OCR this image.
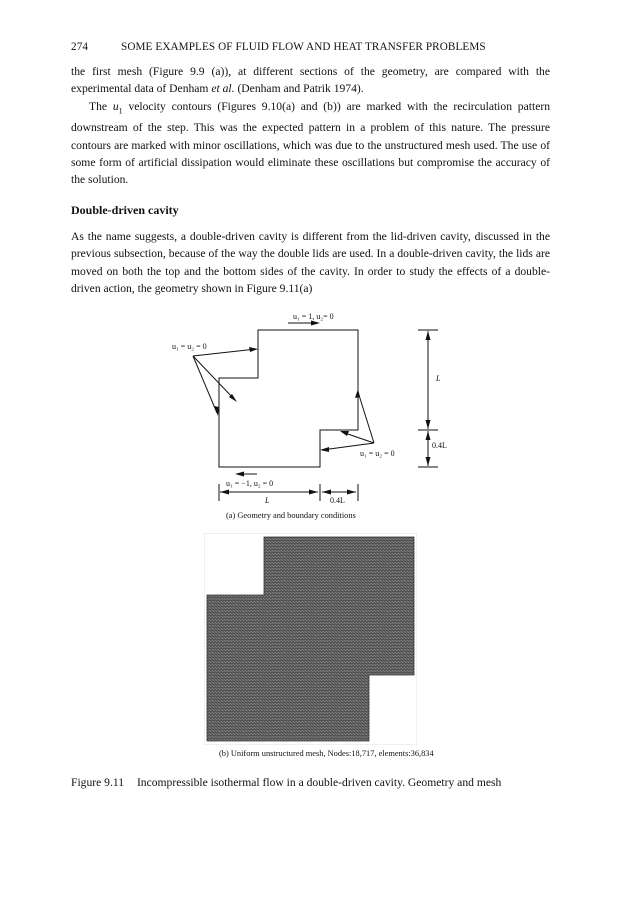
274	SOME EXAMPLES OF FLUID FLOW AND HEAT TRANSFER PROBLEMS

the first mesh (Figure 9.9 (a)), at different sections of the geometry, are compared with the experimental data of Denham et al. (Denham and Patrik 1974).

The $u_1$ velocity contours (Figures 9.10(a) and (b)) are marked with the recirculation pattern downstream of the step. This was the expected pattern in a problem of this nature. The pressure contours are marked with minor oscillations, which was due to the unstructured mesh used. The use of some form of artificial dissipation would eliminate these oscillations but compromise the accuracy of the solution.

Double-driven cavity

As the name suggests, a double-driven cavity is different from the lid-driven cavity, discussed in the previous subsection, because of the way the double lids are used. In a double-driven cavity, the lids are moved on both the top and the bottom sides of the cavity. In order to study the effects of a double-driven action, the geometry shown in Figure 9.11(a)

u₁ = 1, u₂= 0
u₁ = u₂ = 0
u₁ = u₂ = 0
u₁ = −1, u₂ = 0
L
0.4L
L	0.4L
(a) Geometry and boundary conditions
(b) Uniform unstructured mesh, Nodes:18,717, elements:36,834
Figure 9.11 Incompressible isothermal flow in a double-driven cavity. Geometry and mesh
